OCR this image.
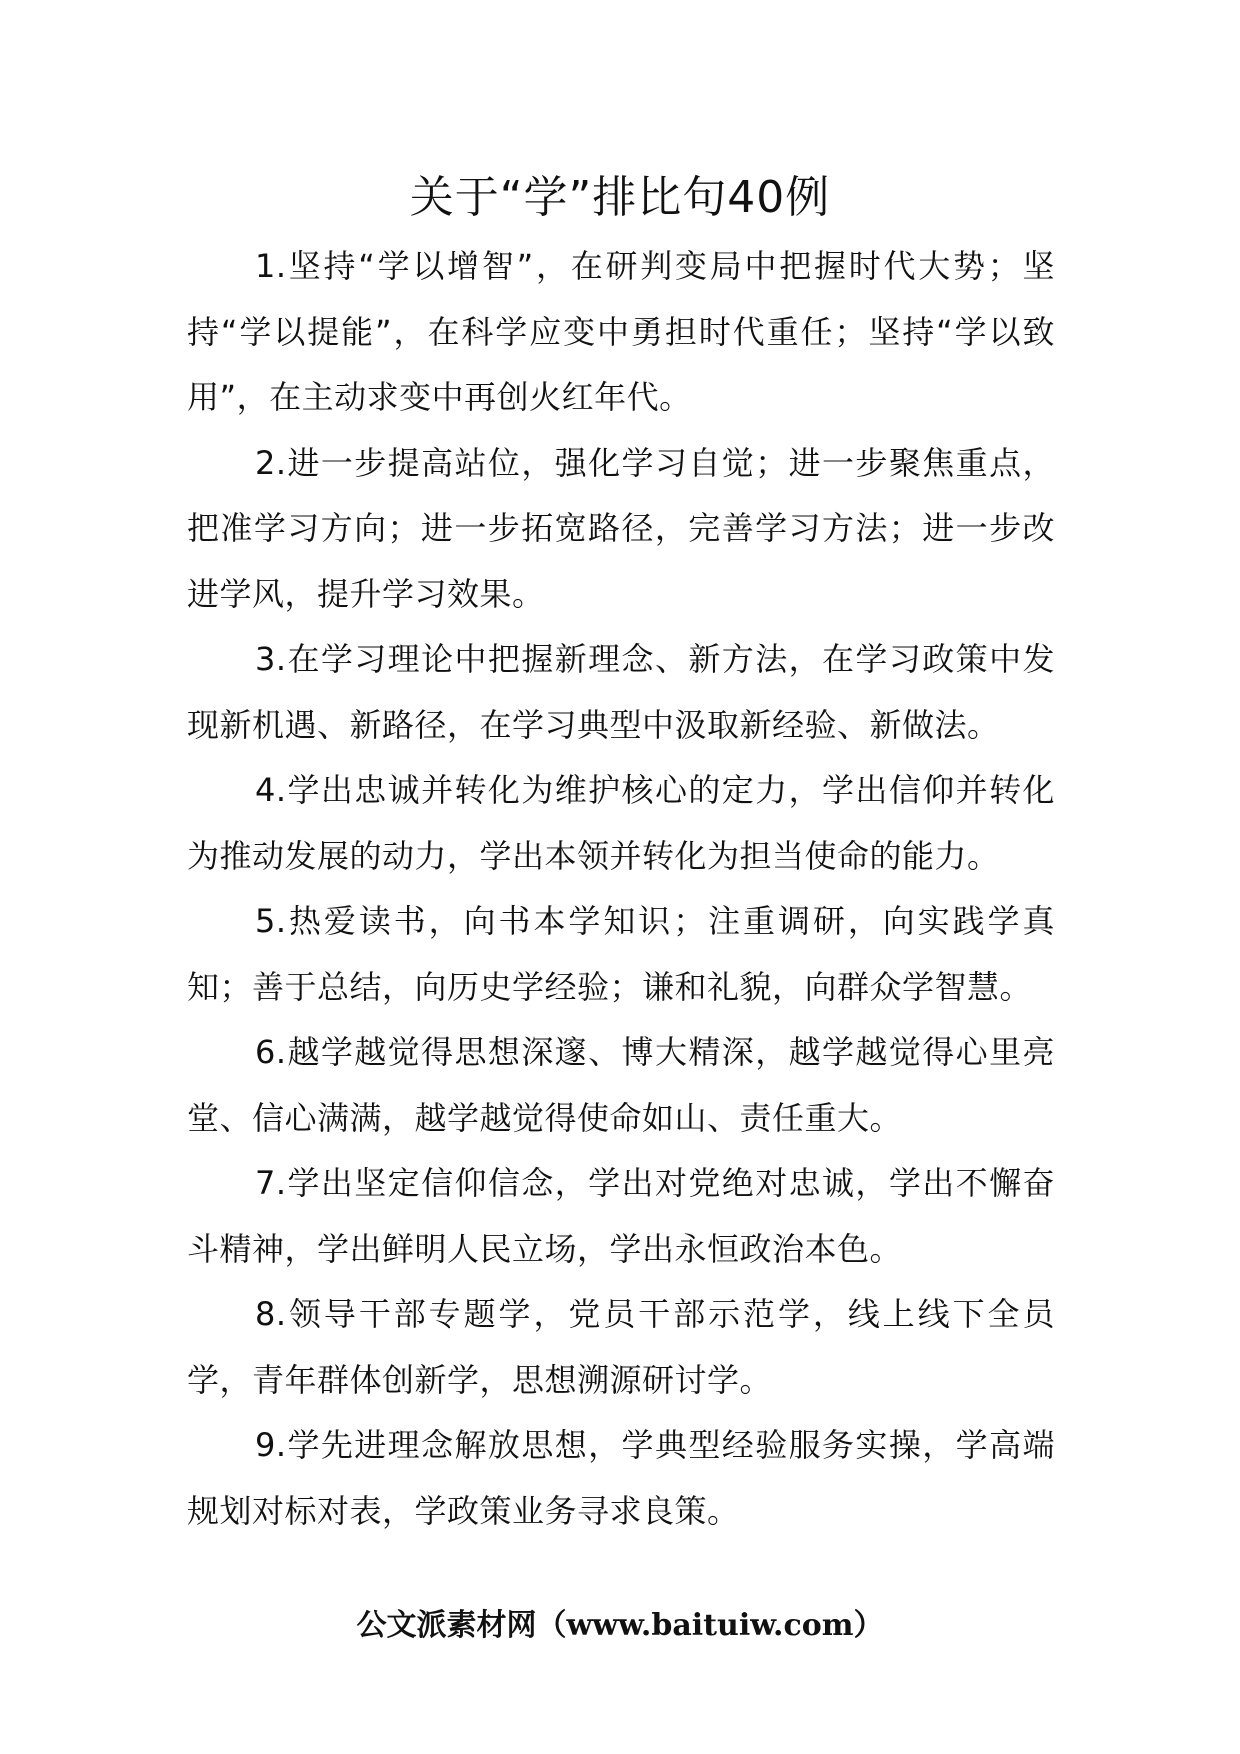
关于“学”排比句40例

1.坚持“学以增智”，在研判变局中把握时代大势；坚持“学以提能”，在科学应变中勇担时代重任；坚持“学以致用”，在主动求变中再创火红年代。

2.进一步提高站位，强化学习自觉；进一步聚焦重点，把准学习方向；进一步拓宽路径，完善学习方法；进一步改进学风，提升学习效果。

3.在学习理论中把握新理念、新方法，在学习政策中发现新机遇、新路径，在学习典型中汲取新经验、新做法。

4.学出忠诚并转化为维护核心的定力，学出信仰并转化为推动发展的动力，学出本领并转化为担当使命的能力。

5.热爱读书，向书本学知识；注重调研，向实践学真知；善于总结，向历史学经验；谦和礼貌，向群众学智慧。

6.越学越觉得思想深邃、博大精深，越学越觉得心里亮堂、信心满满，越学越觉得使命如山、责任重大。

7.学出坚定信仰信念，学出对党绝对忠诚，学出不懈奋斗精神，学出鲜明人民立场，学出永恒政治本色。

8.领导干部专题学，党员干部示范学，线上线下全员学，青年群体创新学，思想溯源研讨学。

9.学先进理念解放思想，学典型经验服务实操，学高端规划对标对表，学政策业务寻求良策。

公文派素材网（www.baituiw.com）
